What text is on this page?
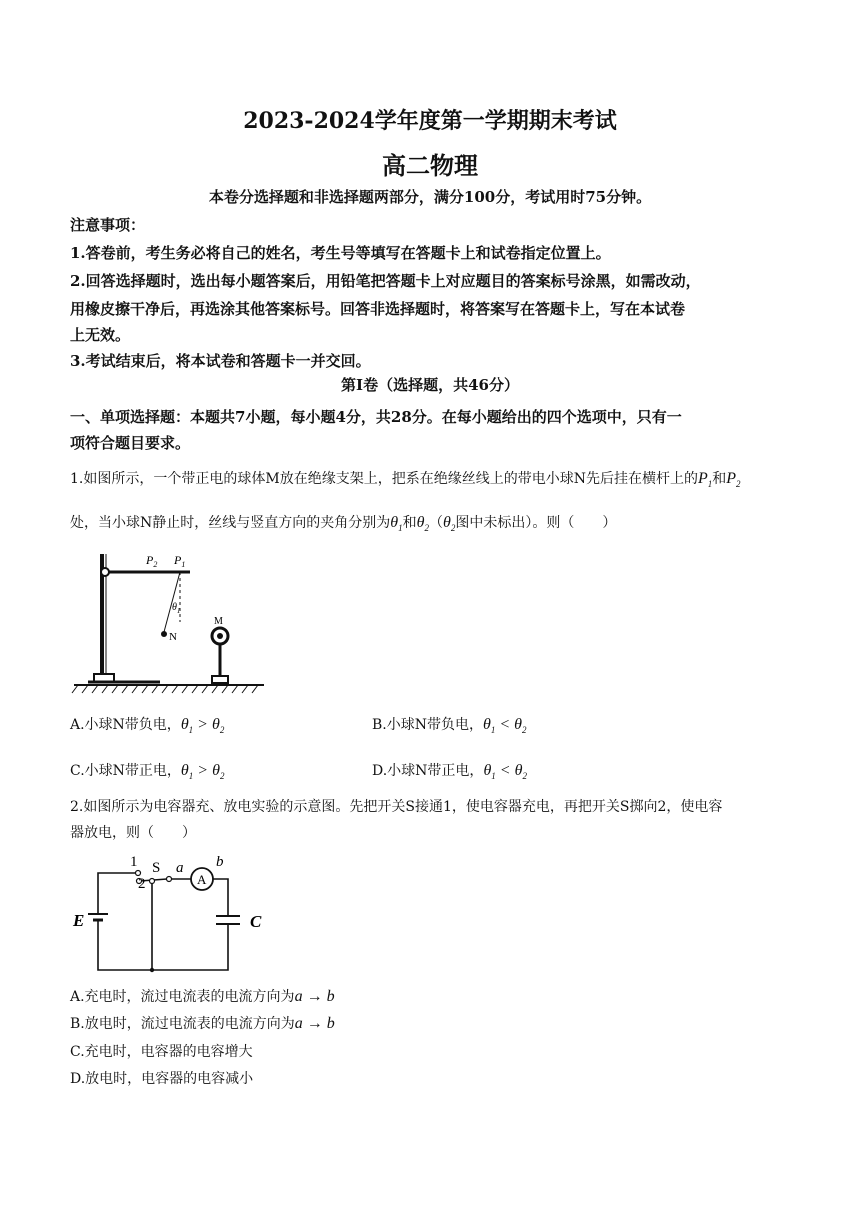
2023-2024学年度第一学期期末考试
高二物理
本卷分选择题和非选择题两部分，满分100分，考试用时75分钟。
注意事项：
1.答卷前，考生务必将自己的姓名，考生号等填写在答题卡上和试卷指定位置上。
2.回答选择题时，选出每小题答案后，用铅笔把答题卡上对应题目的答案标号涂黑，如需改动，
用橡皮擦干净后，再选涂其他答案标号。回答非选择题时，将答案写在答题卡上，写在本试卷
上无效。
3.考试结束后，将本试卷和答题卡一并交回。
第Ⅰ卷（选择题，共46分）
一、单项选择题：本题共7小题，每小题4分，共28分。在每小题给出的四个选项中，只有一
项符合题目要求。
1.如图所示，一个带正电的球体M放在绝缘支架上，把系在绝缘丝线上的带电小球N先后挂在横杆上的$P_1$和$P_2$
处，当小球N静止时，丝线与竖直方向的夹角分别为$\theta_1$和$\theta_2(\theta_2$图中未标出）。则（　　）
$P_2$ $P_1$
$\theta_1$
N
M
A.小球N带负电，$\theta_1 > \theta_2$	B.小球N带负电，$\theta_1 < \theta_2$
C.小球N带正电，$\theta_1 > \theta_2$	D.小球N带正电，$\theta_1 < \theta_2$
2.如图所示为电容器充、放电实验的示意图。先把开关S接通1，使电容器充电，再把开关S掷向2，使电容
器放电，则（　　）
1 S a b
A
2
E	C
A.充电时，流过电流表的电流方向为a → b
B.放电时，流过电流表的电流方向为a → b
C.充电时，电容器的电容增大
D.放电时，电容器的电容减小
